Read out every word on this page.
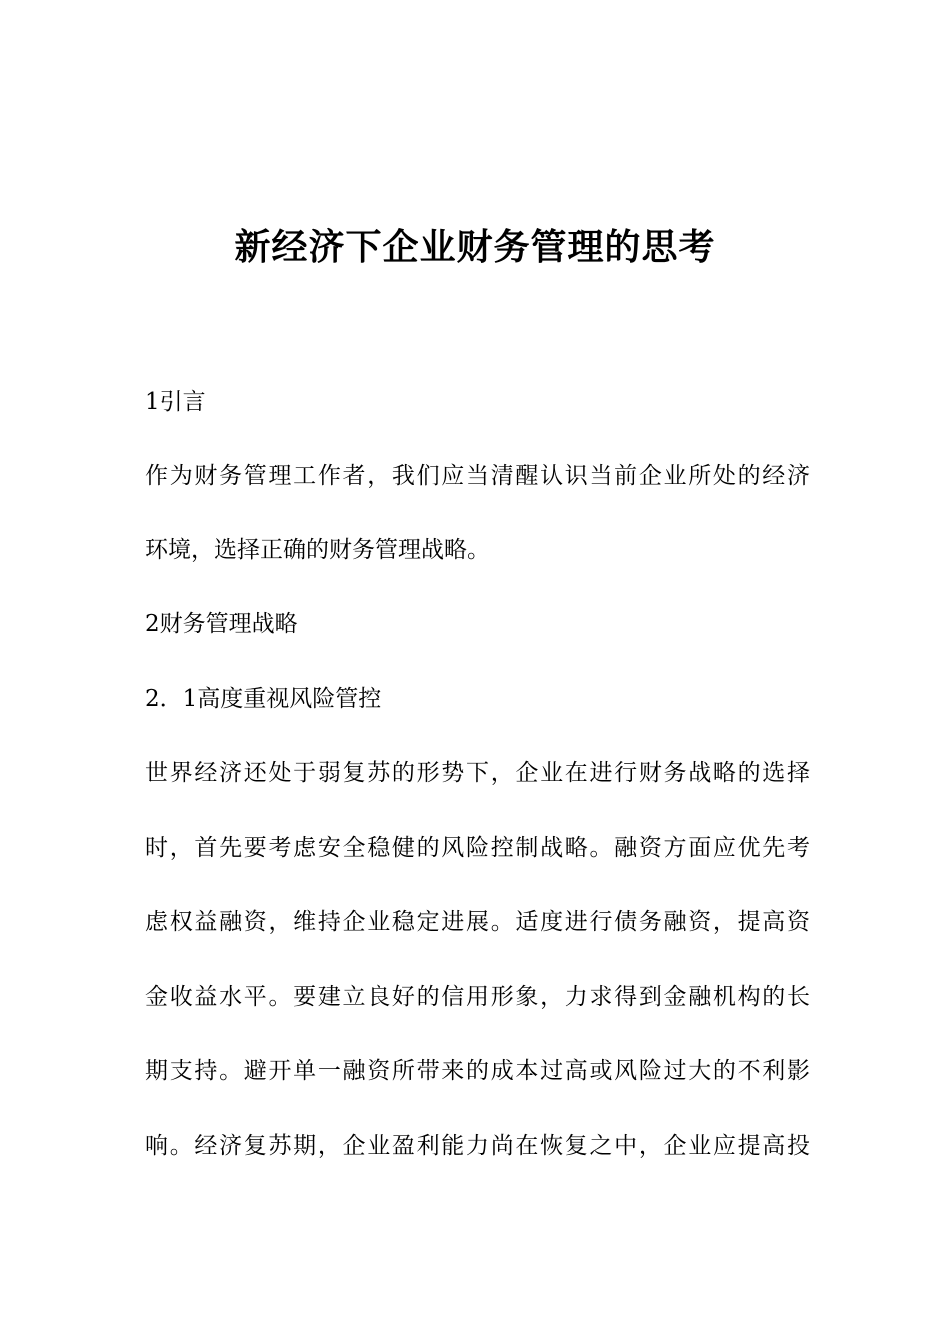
新经济下企业财务管理的思考

1引言

作为财务管理工作者，我们应当清醒认识当前企业所处的经济

环境，选择正确的财务管理战略。

2财务管理战略

2．1高度重视风险管控

世界经济还处于弱复苏的形势下，企业在进行财务战略的选择

时，首先要考虑安全稳健的风险控制战略。融资方面应优先考

虑权益融资，维持企业稳定进展。适度进行债务融资，提高资

金收益水平。要建立良好的信用形象，力求得到金融机构的长

期支持。避开单一融资所带来的成本过高或风险过大的不利影

响。经济复苏期，企业盈利能力尚在恢复之中，企业应提高投
